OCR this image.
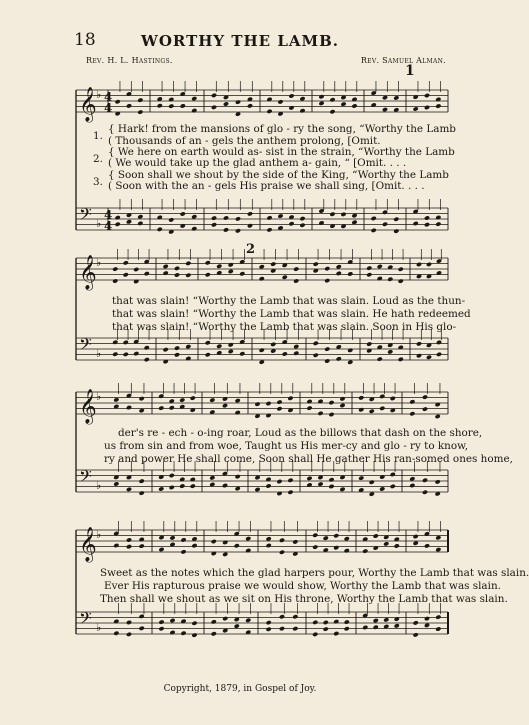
18	WORTHY THE LAMB.
Rev. H. L. Hastings.	Rev. Samuel Alman.
𝄞
𝄢
♭
♭
4
4
4
4
𝄞
𝄢
♭
♭
𝄞
𝄢
♭
♭
𝄞
𝄢
♭
♭
1
2
1.
2.
3.
{ Hark! from the mansions of glo - ry the song, “Worthy the Lamb
( Thousands of an - gels the anthem prolong, [Omit.
{ We here on earth would as- sist in the strain, “Worthy the Lamb
( We would take up the glad anthem a- gain, “ [Omit. . . .
{ Soon shall we shout by the side of the King, “Worthy the Lamb
( Soon with the an - gels His praise we shall sing, [Omit. . . .
that was slain! “Worthy the Lamb that was slain. Loud as the thun-
that was slain! “Worthy the Lamb that was slain. He hath redeemed
that was slain! “Worthy the Lamb that was slain. Soon in His glo-
der's re - ech - o-ing roar, Loud as the billows that dash on the shore,
us from sin and from woe, Taught us His mer-cy and glo - ry to know,
ry and power He shall come, Soon shall He gather His ran-somed ones home,
Sweet as the notes which the glad harpers pour, Worthy the Lamb that was slain.
Ever His rapturous praise we would show, Worthy the Lamb that was slain.
Then shall we shout as we sit on His throne, Worthy the Lamb that was slain.
Copyright, 1879, in Gospel of Joy.
